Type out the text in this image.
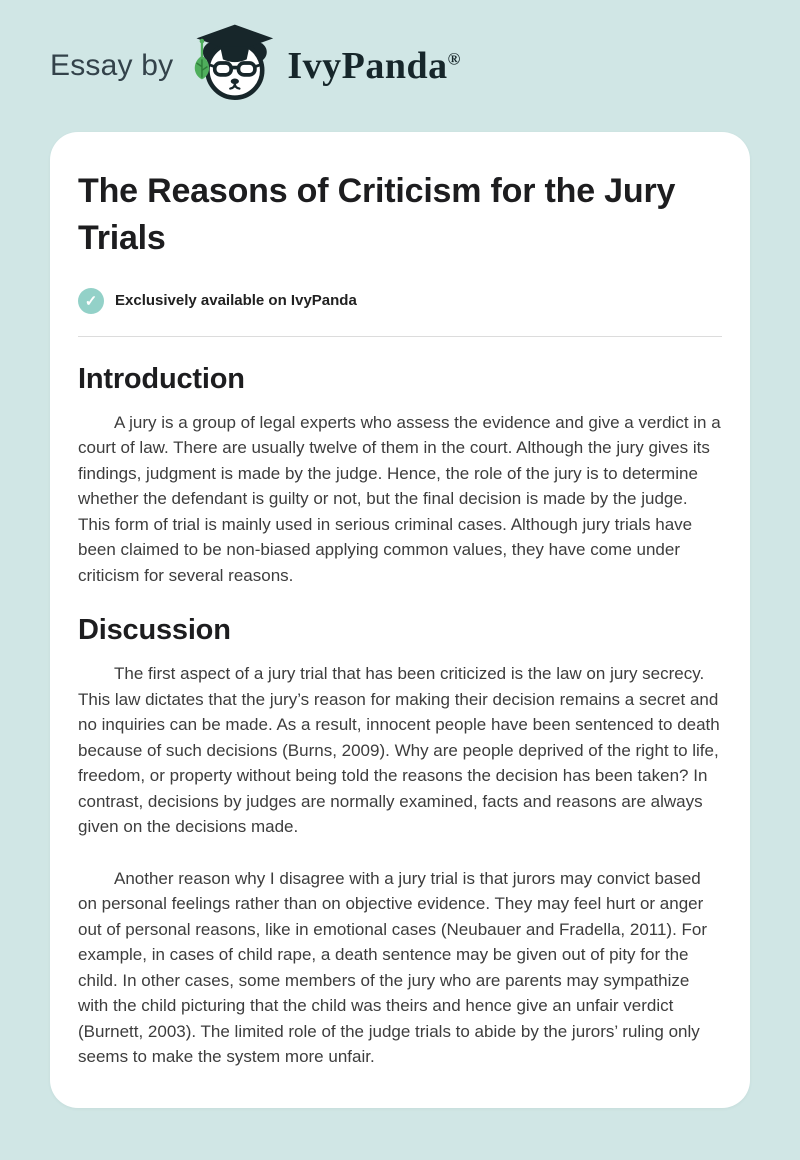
Essay by	IvyPanda®
The Reasons of Criticism for the Jury Trials
✓	Exclusively available on IvyPanda
Introduction

A jury is a group of legal experts who assess the evidence and give a verdict in a court of law. There are usually twelve of them in the court. Although the jury gives its findings, judgment is made by the judge. Hence, the role of the jury is to determine whether the defendant is guilty or not, but the final decision is made by the judge. This form of trial is mainly used in serious criminal cases. Although jury trials have been claimed to be non-biased applying common values, they have come under criticism for several reasons.

Discussion

The first aspect of a jury trial that has been criticized is the law on jury secrecy. This law dictates that the jury’s reason for making their decision remains a secret and no inquiries can be made. As a result, innocent people have been sentenced to death because of such decisions (Burns, 2009). Why are people deprived of the right to life, freedom, or property without being told the reasons the decision has been taken? In contrast, decisions by judges are normally examined, facts and reasons are always given on the decisions made.

Another reason why I disagree with a jury trial is that jurors may convict based on personal feelings rather than on objective evidence. They may feel hurt or anger out of personal reasons, like in emotional cases (Neubauer and Fradella, 2011). For example, in cases of child rape, a death sentence may be given out of pity for the child. In other cases, some members of the jury who are parents may sympathize with the child picturing that the child was theirs and hence give an unfair verdict (Burnett, 2003). The limited role of the judge trials to abide by the jurors’ ruling only seems to make the system more unfair.
